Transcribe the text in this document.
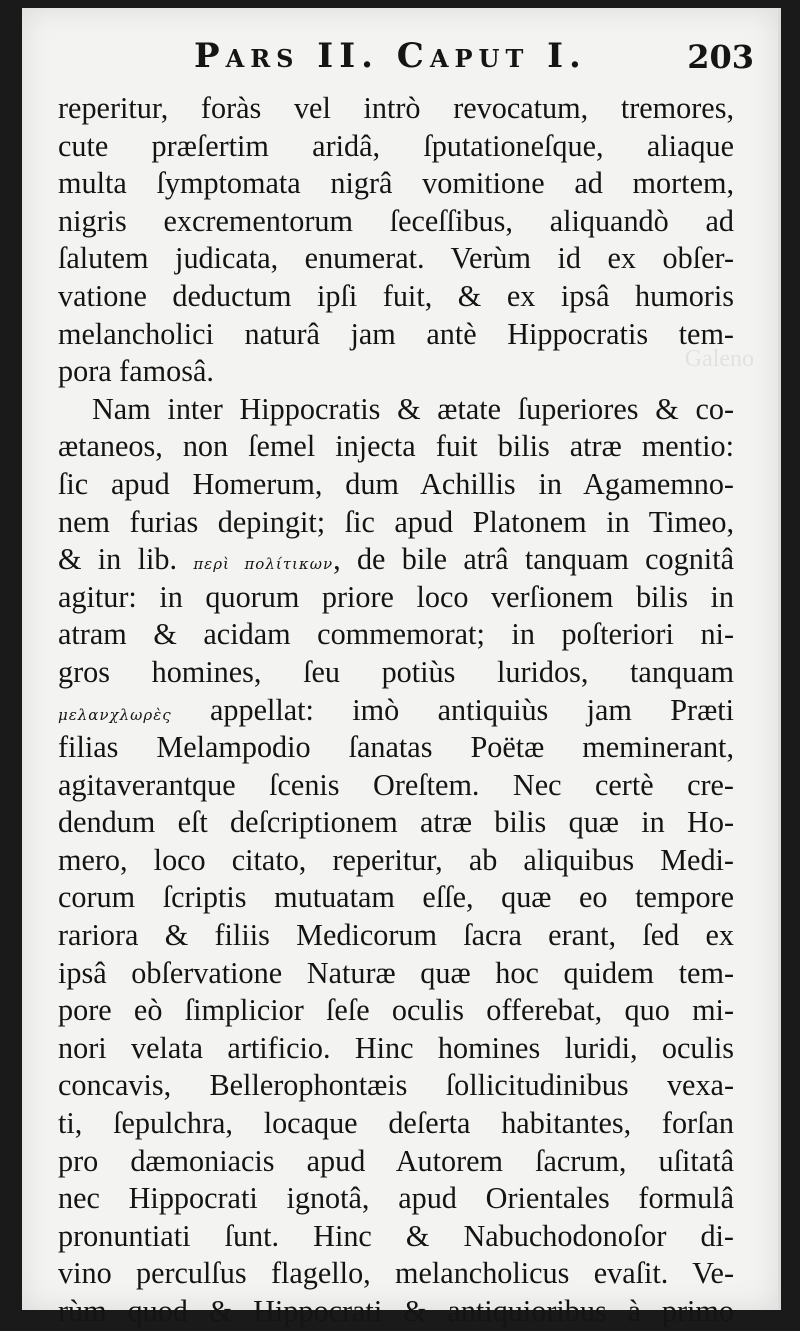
Galeno
Pars II. Caput I.	203
reperitur, foràs vel intrò revocatum, tremores,
cute præſertim aridâ, ſputationeſque, aliaque
multa ſymptomata nigrâ vomitione ad mortem,
nigris excrementorum ſeceſſibus, aliquandò ad
ſalutem judicata, enumerat. Verùm id ex obſer-
vatione deductum ipſi fuit, & ex ipsâ humoris
melancholici naturâ jam antè Hippocratis tem-
pora famosâ.
Nam inter Hippocratis & ætate ſuperiores & co-
ætaneos, non ſemel injecta fuit bilis atræ mentio:
ſic apud Homerum, dum Achillis in Agamemno-
nem furias depingit; ſic apud Platonem in Timeo,
& in lib. περὶ πολίτικων, de bile atrâ tanquam cognitâ
agitur: in quorum priore loco verſionem bilis in
atram & acidam commemorat; in poſteriori ni-
gros homines, ſeu potiùs luridos, tanquam
μελανχλωρὲς appellat: imò antiquiùs jam Præti
filias Melampodio ſanatas Poëtæ meminerant,
agitaverantque ſcenis Oreſtem. Nec certè cre-
dendum eſt deſcriptionem atræ bilis quæ in Ho-
mero, loco citato, reperitur, ab aliquibus Medi-
corum ſcriptis mutuatam eſſe, quæ eo tempore
rariora & filiis Medicorum ſacra erant, ſed ex
ipsâ obſervatione Naturæ quæ hoc quidem tem-
pore eò ſimplicior ſeſe oculis offerebat, quo mi-
nori velata artificio. Hinc homines luridi, oculis
concavis, Bellerophontæis ſollicitudinibus vexa-
ti, ſepulchra, locaque deſerta habitantes, forſan
pro dæmoniacis apud Autorem ſacrum, uſitatâ
nec Hippocrati ignotâ, apud Orientales formulâ
pronuntiati ſunt. Hinc & Nabuchodonoſor di-
vino perculſus flagello, melancholicus evaſit. Ve-
rùm quod & Hippocrati & antiquioribus à primo
